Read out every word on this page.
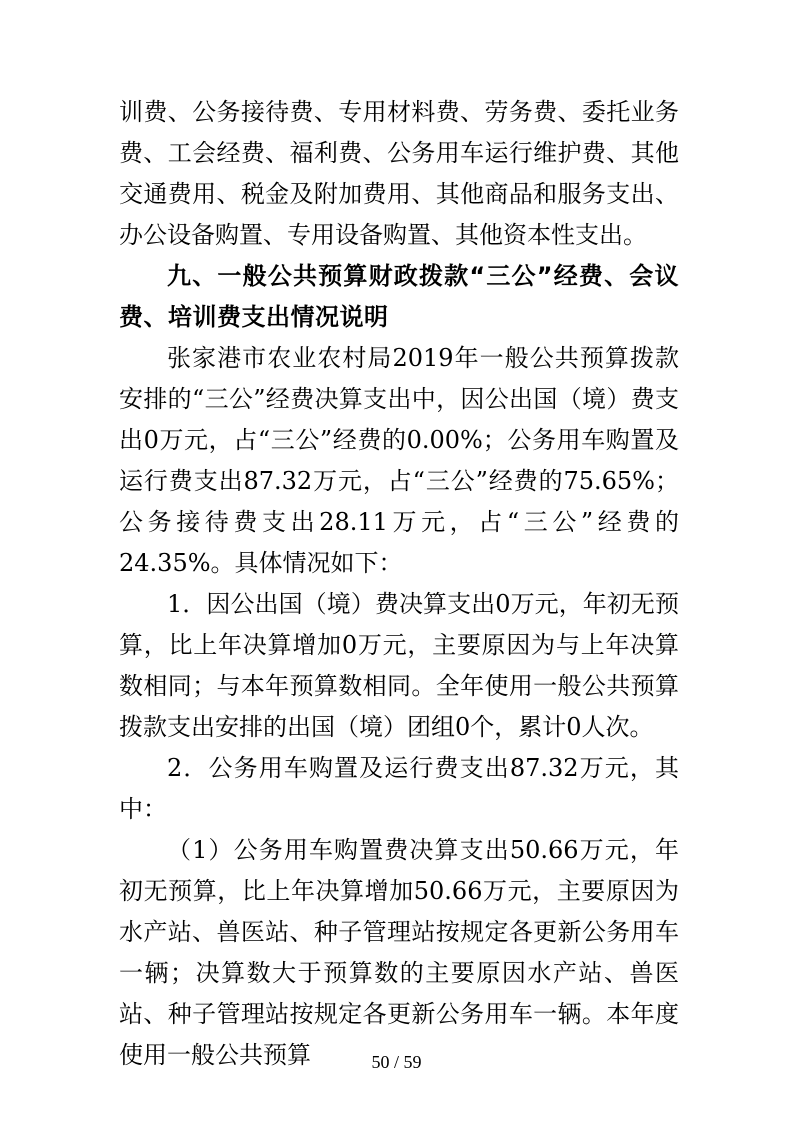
训费、公务接待费、专用材料费、劳务费、委托业务费、工会经费、福利费、公务用车运行维护费、其他交通费用、税金及附加费用、其他商品和服务支出、办公设备购置、专用设备购置、其他资本性支出。

九、一般公共预算财政拨款“三公”经费、会议费、培训费支出情况说明

张家港市农业农村局2019年一般公共预算拨款安排的“三公”经费决算支出中，因公出国（境）费支出0万元，占“三公”经费的0.00%；公务用车购置及运行费支出87.32万元，占“三公”经费的75.65%；公务接待费支出28.11万元，占“三公”经费的24.35%。具体情况如下：

1．因公出国（境）费决算支出0万元，年初无预算，比上年决算增加0万元，主要原因为与上年决算数相同；与本年预算数相同。全年使用一般公共预算拨款支出安排的出国（境）团组0个，累计0人次。

2．公务用车购置及运行费支出87.32万元，其中：

（1）公务用车购置费决算支出50.66万元，年初无预算，比上年决算增加50.66万元，主要原因为水产站、兽医站、种子管理站按规定各更新公务用车一辆；决算数大于预算数的主要原因水产站、兽医站、种子管理站按规定各更新公务用车一辆。本年度使用一般公共预算	50 / 59
